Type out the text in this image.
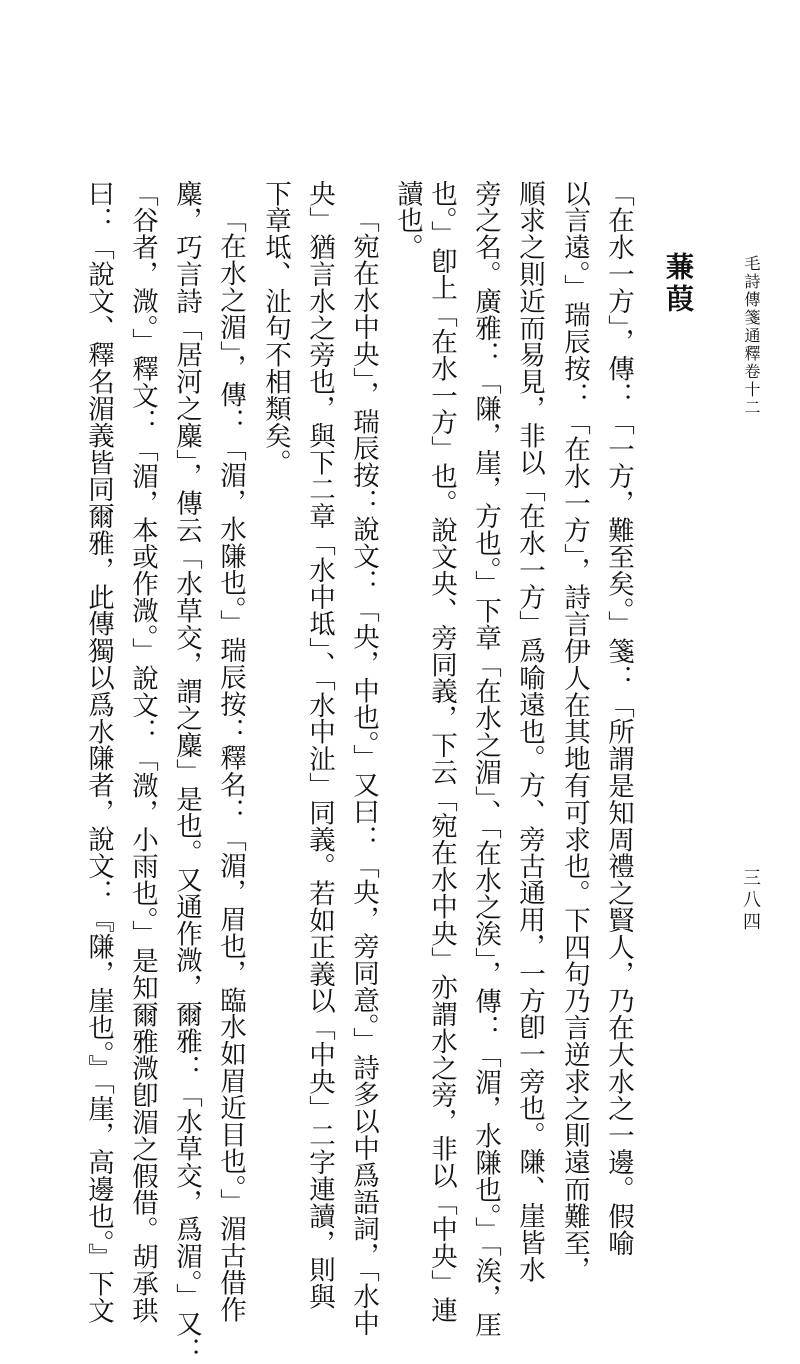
毛詩傳箋通釋卷十二
三八四
蒹葭
「在水一方」，傳：「一方，難至矣。」箋：「所謂是知周禮之賢人，乃在大水之一邊。假喻
以言遠。」瑞辰按：「在水一方」，詩言伊人在其地有可求也。下四句乃言逆求之則遠而難至，
順求之則近而易見，非以「在水一方」爲喻遠也。方、旁古通用，一方卽一旁也。隒、崖皆水
旁之名。廣雅：「隒，崖，方也。」下章「在水之湄」、「在水之涘」，傳：「湄，水隒也。」「涘，厓
也。」卽上「在水一方」也。說文央、旁同義，下云「宛在水中央」亦謂水之旁，非以「中央」連
讀也。
「宛在水中央」，瑞辰按：說文：「央，中也。」又曰：「央，旁同意。」詩多以中爲語詞，「水中
央」猶言水之旁也，與下二章「水中坻」、「水中沚」同義。若如正義以「中央」二字連讀，則與
下章坻、沚句不相類矣。
「在水之湄」，傳：「湄，水隒也。」瑞辰按：釋名：「湄，眉也，臨水如眉近目也。」湄古借作
麋，巧言詩「居河之麋」，傳云「水草交，謂之麋」是也。又通作溦，爾雅：「水草交，爲湄。」又：
「谷者，溦。」釋文：「湄，本或作溦。」說文：「溦，小雨也。」是知爾雅溦卽湄之假借。胡承珙
曰：「說文、釋名湄義皆同爾雅，此傳獨以爲水隒者，說文：『隒，崖也。』「崖，高邊也。』下文
